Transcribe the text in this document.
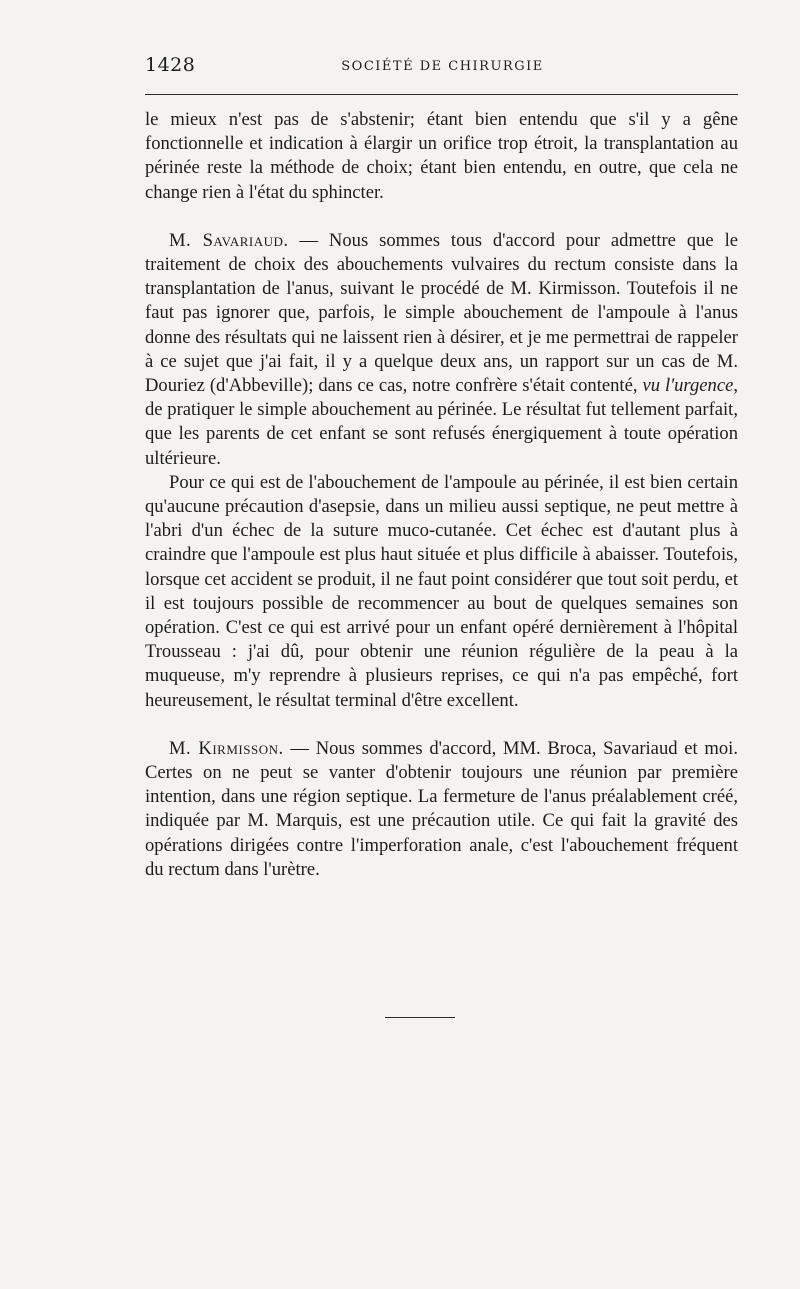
1428	SOCIÉTÉ DE CHIRURGIE

le mieux n'est pas de s'abstenir; étant bien entendu que s'il y a gêne fonctionnelle et indication à élargir un orifice trop étroit, la transplantation au périnée reste la méthode de choix; étant bien entendu, en outre, que cela ne change rien à l'état du sphincter.

M. Savariaud. — Nous sommes tous d'accord pour admettre que le traitement de choix des abouchements vulvaires du rectum consiste dans la transplantation de l'anus, suivant le procédé de M. Kirmisson. Toutefois il ne faut pas ignorer que, parfois, le simple abouchement de l'ampoule à l'anus donne des résultats qui ne laissent rien à désirer, et je me permettrai de rappeler à ce sujet que j'ai fait, il y a quelque deux ans, un rapport sur un cas de M. Douriez (d'Abbeville); dans ce cas, notre confrère s'était contenté, vu l'urgence, de pratiquer le simple abouchement au périnée. Le résultat fut tellement parfait, que les parents de cet enfant se sont refusés énergiquement à toute opération ultérieure.

Pour ce qui est de l'abouchement de l'ampoule au périnée, il est bien certain qu'aucune précaution d'asepsie, dans un milieu aussi septique, ne peut mettre à l'abri d'un échec de la suture muco-cutanée. Cet échec est d'autant plus à craindre que l'ampoule est plus haut située et plus difficile à abaisser. Toutefois, lorsque cet accident se produit, il ne faut point considérer que tout soit perdu, et il est toujours possible de recommencer au bout de quelques semaines son opération. C'est ce qui est arrivé pour un enfant opéré dernièrement à l'hôpital Trousseau : j'ai dû, pour obtenir une réunion régulière de la peau à la muqueuse, m'y reprendre à plusieurs reprises, ce qui n'a pas empêché, fort heureusement, le résultat terminal d'être excellent.

M. Kirmisson. — Nous sommes d'accord, MM. Broca, Savariaud et moi. Certes on ne peut se vanter d'obtenir toujours une réunion par première intention, dans une région septique. La fermeture de l'anus préalablement créé, indiquée par M. Marquis, est une précaution utile. Ce qui fait la gravité des opérations dirigées contre l'imperforation anale, c'est l'abouchement fréquent du rectum dans l'urètre.
